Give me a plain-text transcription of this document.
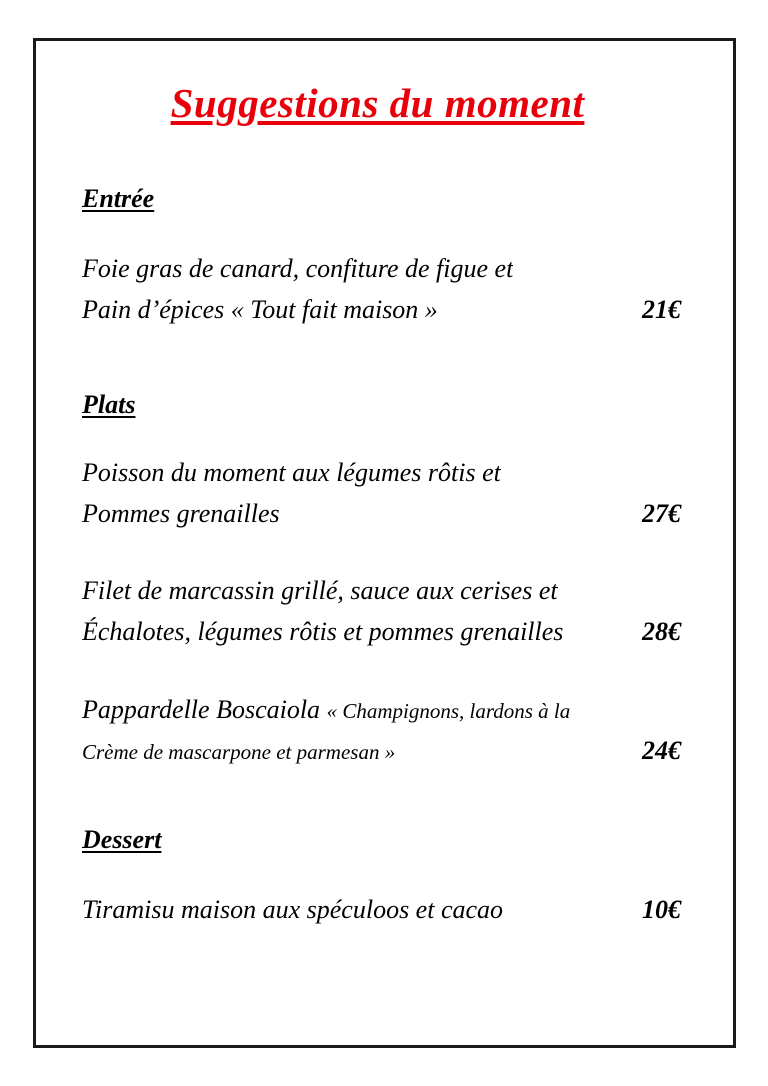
Suggestions du moment
Entrée
Foie gras de canard, confiture de figue et
Pain d’épices « Tout fait maison »	21€
Plats
Poisson du moment aux légumes rôtis et
Pommes grenailles	27€
Filet de marcassin grillé, sauce aux cerises et
Échalotes, légumes rôtis et pommes grenailles	28€
Pappardelle Boscaiola « Champignons, lardons à la
Crème de mascarpone et parmesan »	24€
Dessert
Tiramisu maison aux spéculoos et cacao	10€
